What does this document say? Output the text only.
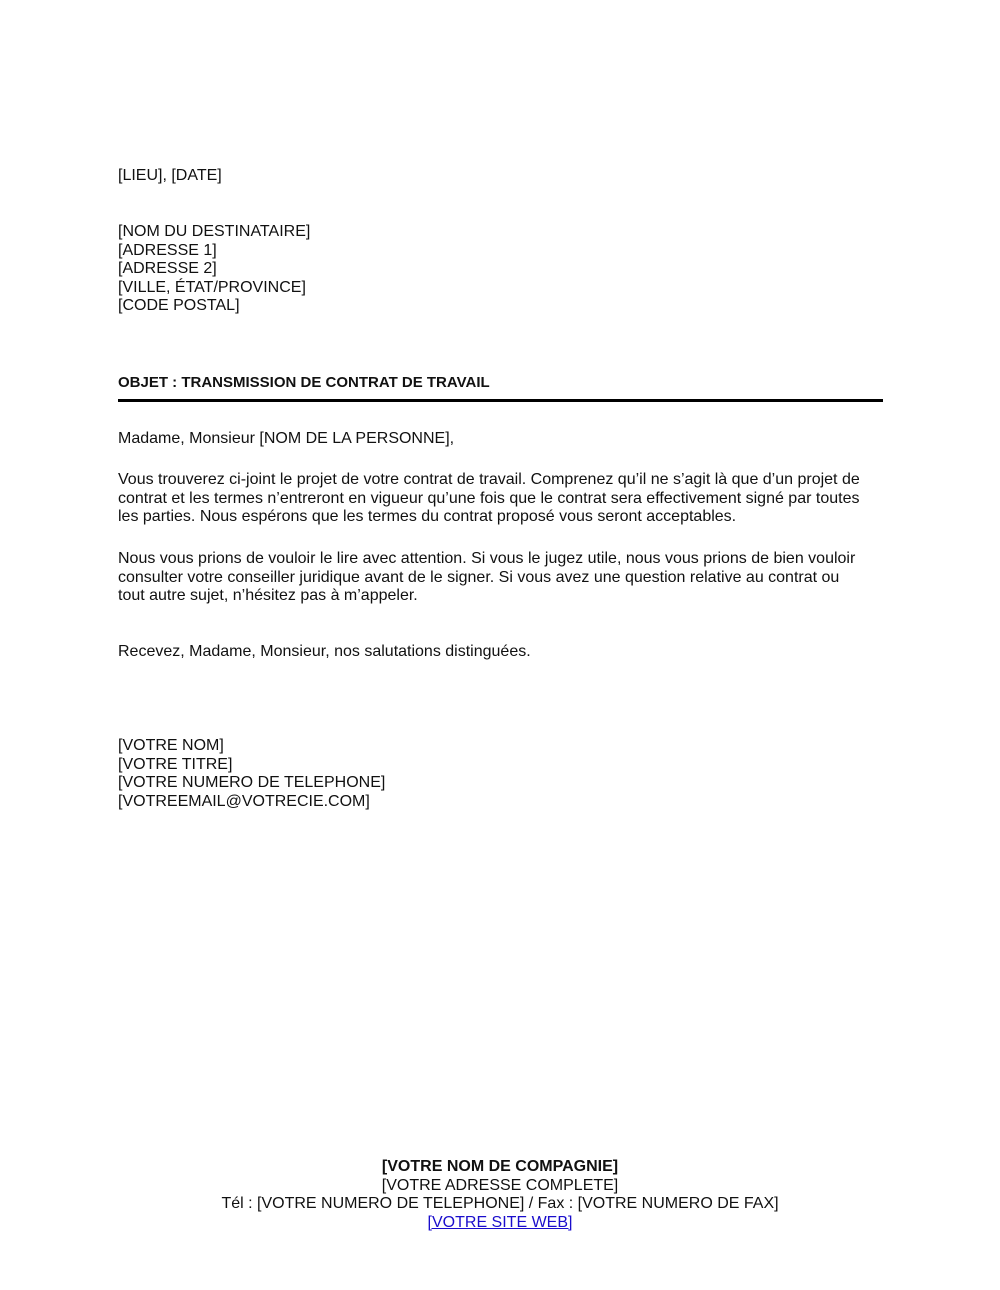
[LIEU], [DATE]
[NOM DU DESTINATAIRE]
[ADRESSE 1]
[ADRESSE 2]
[VILLE, ÉTAT/PROVINCE]
[CODE POSTAL]
OBJET : TRANSMISSION DE CONTRAT DE TRAVAIL
Madame, Monsieur [NOM DE LA PERSONNE],
Vous trouverez ci-joint le projet de votre contrat de travail. Comprenez qu’il ne s’agit là que d’un projet de
contrat et les termes n’entreront en vigueur qu’une fois que le contrat sera effectivement signé par toutes
les parties. Nous espérons que les termes du contrat proposé vous seront acceptables.
Nous vous prions de vouloir le lire avec attention. Si vous le jugez utile, nous vous prions de bien vouloir
consulter votre conseiller juridique avant de le signer. Si vous avez une question relative au contrat ou
tout autre sujet, n’hésitez pas à m’appeler.
Recevez, Madame, Monsieur, nos salutations distinguées.
[VOTRE NOM]
[VOTRE TITRE]
[VOTRE NUMERO DE TELEPHONE]
[VOTREEMAIL@VOTRECIE.COM]
[VOTRE NOM DE COMPAGNIE]
[VOTRE ADRESSE COMPLETE]
Tél : [VOTRE NUMERO DE TELEPHONE] / Fax : [VOTRE NUMERO DE FAX]
[VOTRE SITE WEB]
